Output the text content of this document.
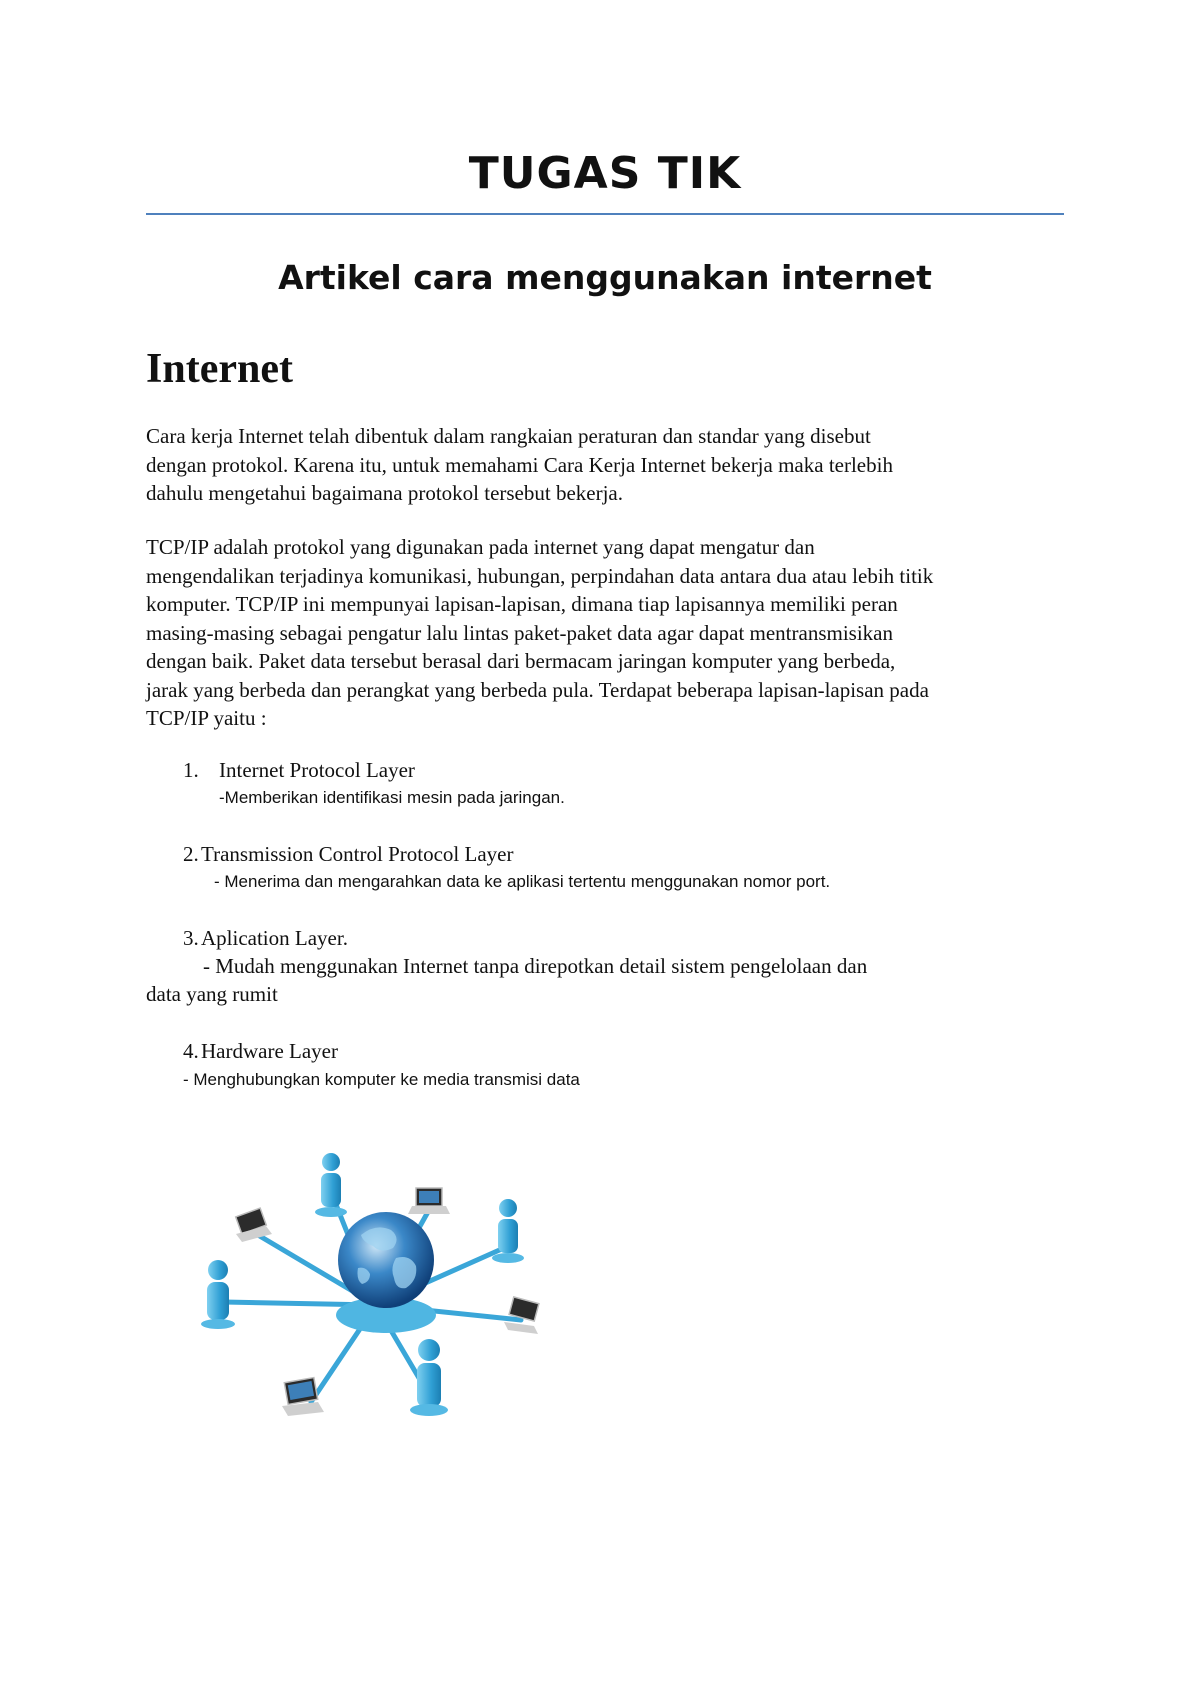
TUGAS TIK
Artikel cara menggunakan internet
Internet

Cara kerja Internet telah dibentuk dalam rangkaian peraturan dan standar yang disebut
dengan protokol. Karena itu, untuk memahami Cara Kerja Internet bekerja maka terlebih
dahulu mengetahui bagaimana protokol tersebut bekerja.

TCP/IP adalah protokol yang digunakan pada internet yang dapat mengatur dan
mengendalikan terjadinya komunikasi, hubungan, perpindahan data antara dua atau lebih titik
komputer. TCP/IP ini mempunyai lapisan-lapisan, dimana tiap lapisannya memiliki peran
masing-masing sebagai pengatur lalu lintas paket-paket data agar dapat mentransmisikan
dengan baik. Paket data tersebut berasal dari bermacam jaringan komputer yang berbeda,
jarak yang berbeda dan perangkat yang berbeda pula. Terdapat beberapa lapisan-lapisan pada
TCP/IP yaitu :

1. Internet Protocol Layer
-Memberikan identifikasi mesin pada jaringan.
2. Transmission Control Protocol Layer
- Menerima dan mengarahkan data ke aplikasi tertentu menggunakan nomor port.
3. Aplication Layer.
- Mudah menggunakan Internet tanpa direpotkan detail sistem pengelolaan dan
data yang rumit
4. Hardware Layer
- Menghubungkan komputer ke media transmisi data
